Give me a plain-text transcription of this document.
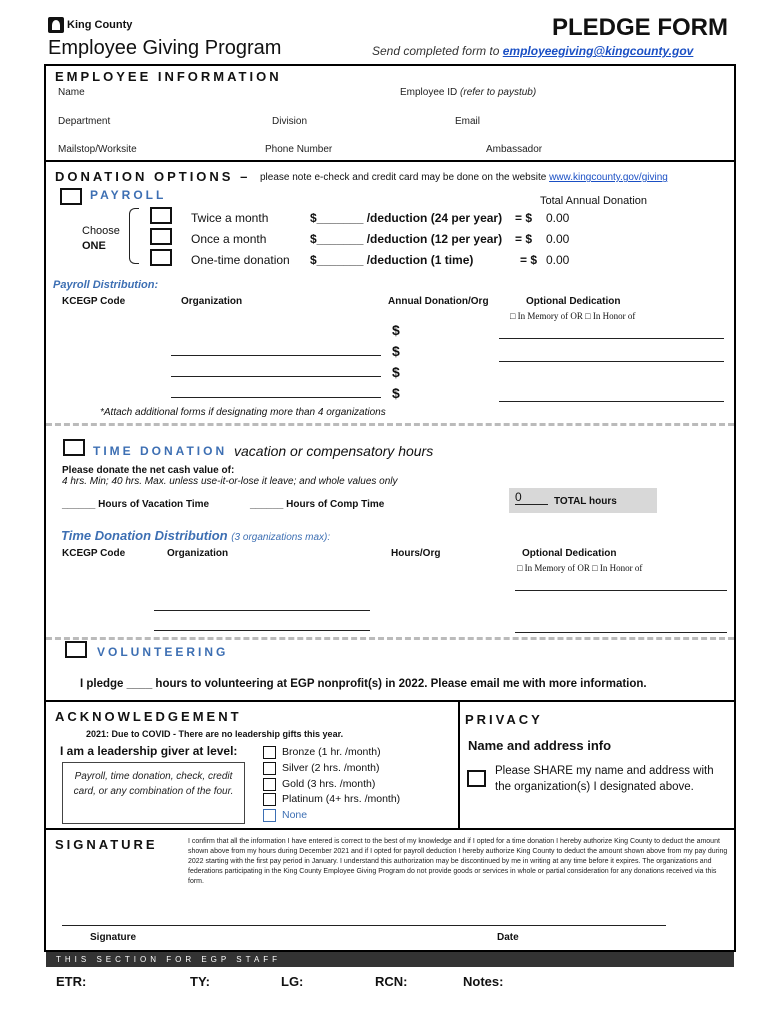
King County
Employee Giving Program
PLEDGE FORM
Send completed form to employeegiving@kingcounty.gov
EMPLOYEE INFORMATION
Name	Employee ID (refer to paystub)
Department	Division	Email
Mailstop/Worksite	Phone Number	Ambassador
DONATION OPTIONS – please note e-check and credit card may be done on the website www.kingcounty.gov/giving
PAYROLL	Total Annual Donation
Choose
ONE
Twice a month	$_______ /deduction (24 per year) = $ 0.00
Once a month	$_______ /deduction (12 per year) = $ 0.00
One-time donation $_______ /deduction (1 time)	= $ 0.00
Payroll Distribution:
KCEGP Code	Organization	Annual Donation/Org	Optional Dedication
□ In Memory of OR □ In Honor of
$
$
$
$
*Attach additional forms if designating more than 4 organizations
TIME DONATION vacation or compensatory hours
Please donate the net cash value of:
4 hrs. Min; 40 hrs. Max. unless use-it-or-lose it leave; and whole values only
______ Hours of Vacation Time	______ Hours of Comp Time
0	TOTAL hours
Time Donation Distribution (3 organizations max):
KCEGP Code	Organization	Hours/Org	Optional Dedication
□ In Memory of OR □ In Honor of
VOLUNTEERING
I pledge ____ hours to volunteering at EGP nonprofit(s) in 2022. Please email me with more information.
ACKNOWLEDGEMENT
2021: Due to COVID - There are no leadership gifts this year.
I am a leadership giver at level:
Payroll, time donation, check, credit card, or any combination of the four.
Bronze (1 hr. /month)
Silver (2 hrs. /month)
Gold (3 hrs. /month)
Platinum (4+ hrs. /month)
None
PRIVACY
Name and address info
Please SHARE my name and address with the organization(s) I designated above.
SIGNATURE	I confirm that all the information I have entered is correct to the best of my knowledge and if I opted for a time donation I hereby authorize King County to deduct the amount shown above from my hours during December 2021 and if I opted for payroll deduction I hereby authorize King County to deduct the amount shown above from my pay during 2022 starting with the first pay period in January. I understand this authorization may be discontinued by me in writing at any time before it expires. The organizations and federations participating in the King County Employee Giving Program do not provide goods or services in whole or partial consideration for any donations received via this form.
Signature	Date
THIS SECTION FOR EGP STAFF
ETR:	TY:	LG:	RCN:	Notes:
